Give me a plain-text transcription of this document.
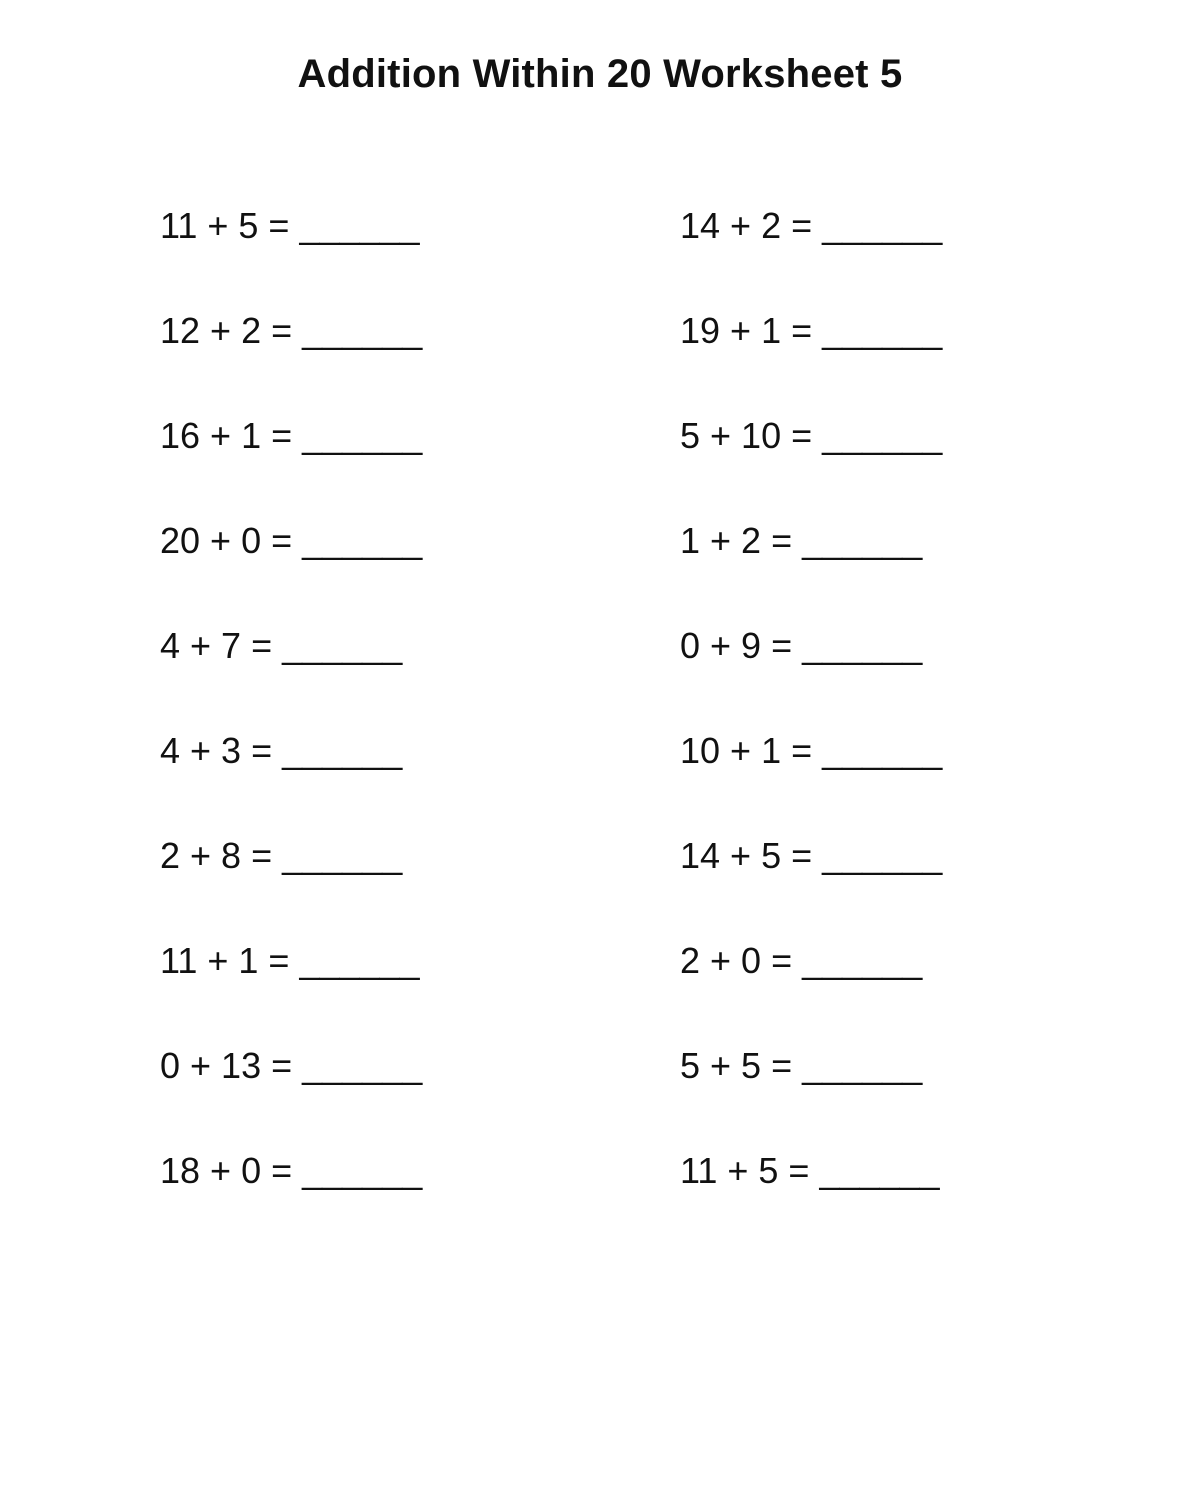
Addition Within 20 Worksheet 5
11 + 5 = ______	14 + 2 = ______
12 + 2 = ______	19 + 1 = ______
16 + 1 = ______	5 + 10 = ______
20 + 0 = ______	1 + 2 = ______
4 + 7 = ______	0 + 9 = ______
4 + 3 = ______	10 + 1 = ______
2 + 8 = ______	14 + 5 = ______
11 + 1 = ______	2 + 0 = ______
0 + 13 = ______	5 + 5 = ______
18 + 0 = ______	11 + 5 = ______
